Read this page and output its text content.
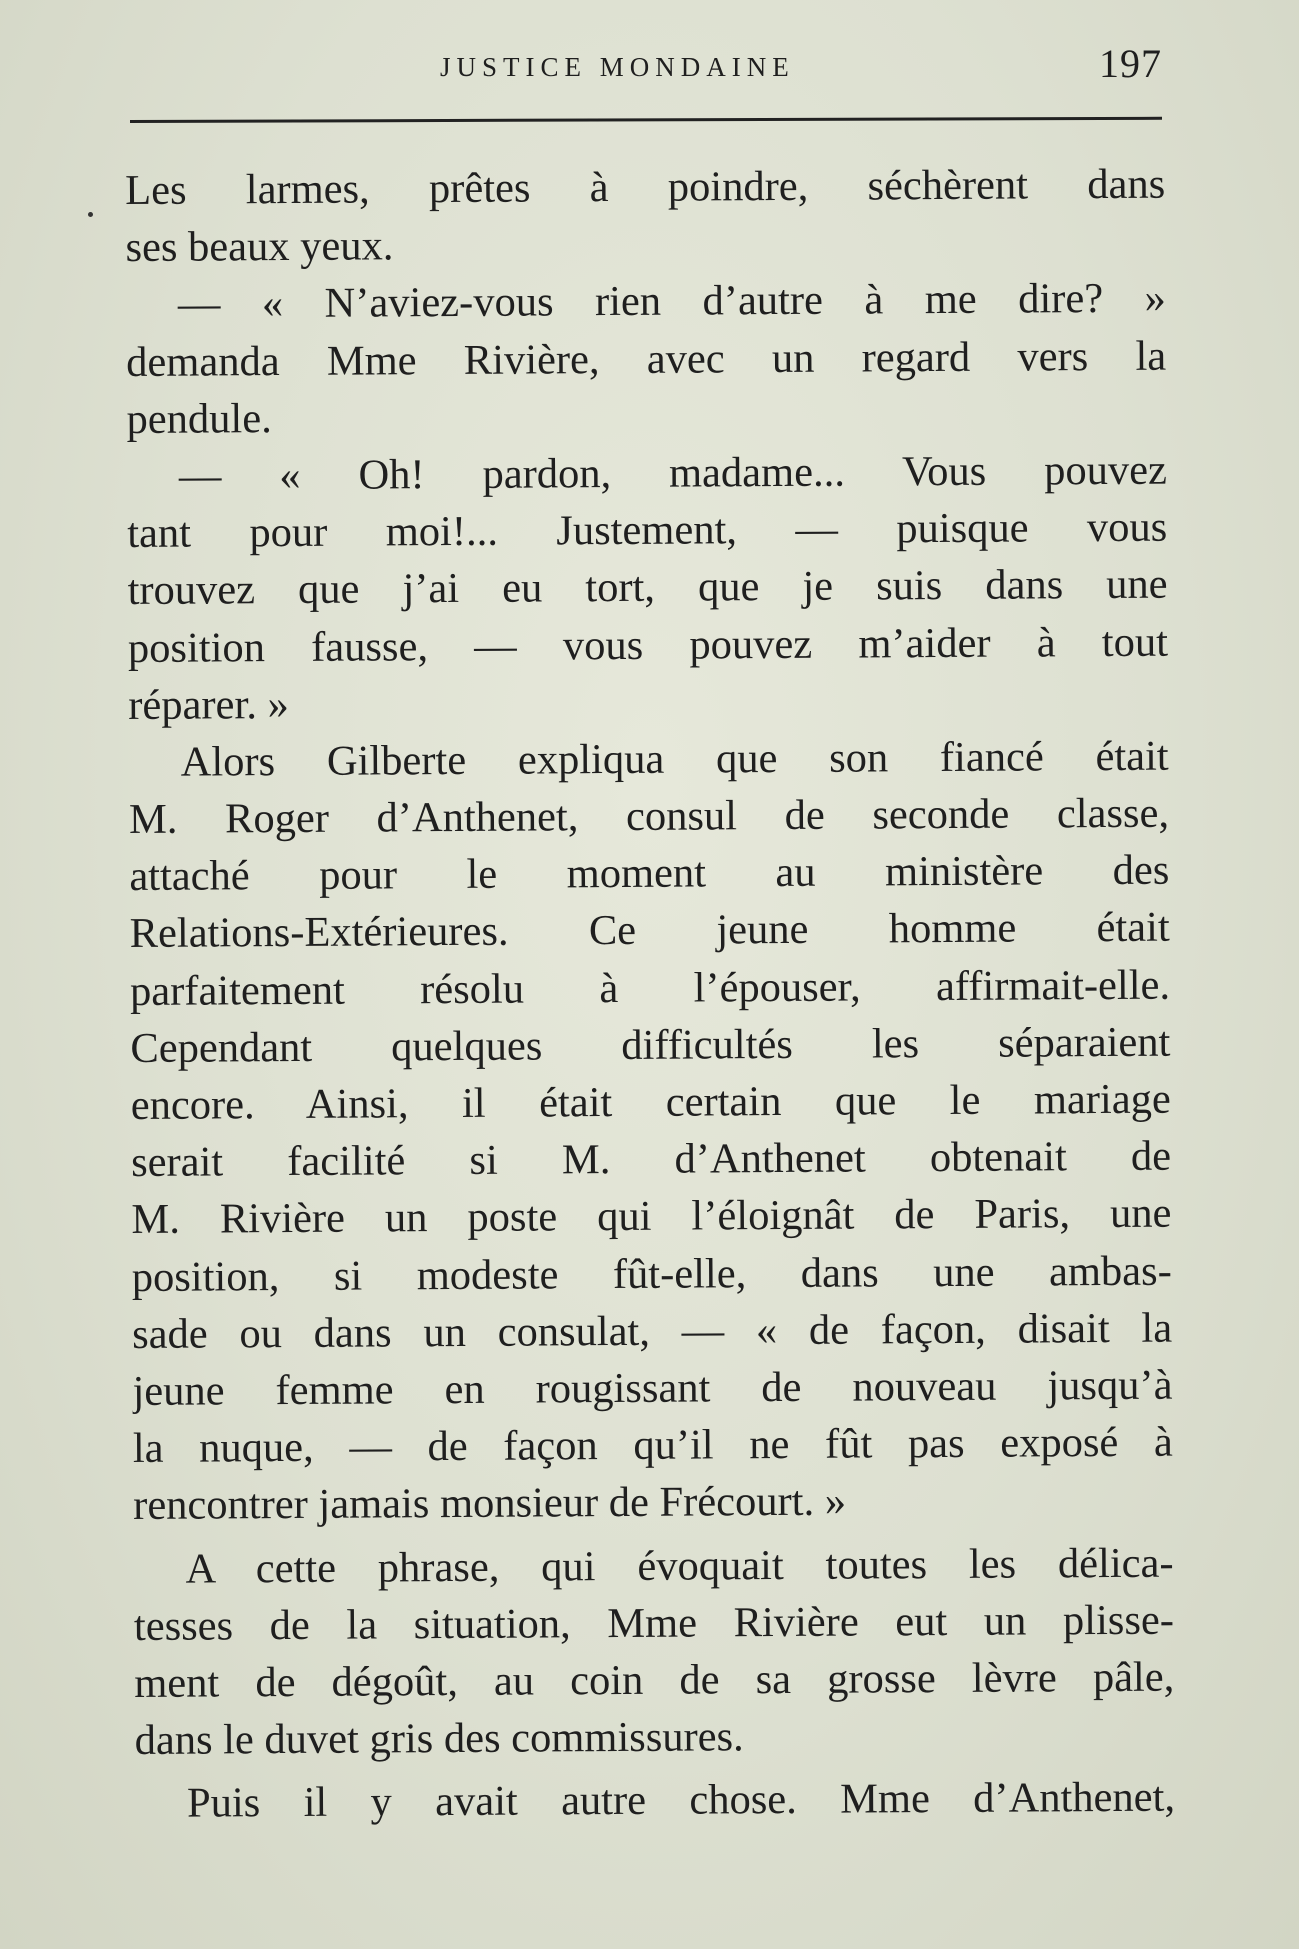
JUSTICE MONDAINE	197
Les larmes, prêtes à poindre, séchèrent dans
ses beaux yeux.
— « N’aviez-vous rien d’autre à me dire? »
demanda Mme Rivière, avec un regard vers la
pendule.
— « Oh! pardon, madame... Vous pouvez
tant pour moi!... Justement, — puisque vous
trouvez que j’ai eu tort, que je suis dans une
position fausse, — vous pouvez m’aider à tout
réparer. »
Alors Gilberte expliqua que son fiancé était
M. Roger d’Anthenet, consul de seconde classe,
attaché pour le moment au ministère des
Relations-Extérieures. Ce jeune homme était
parfaitement résolu à l’épouser, affirmait-elle.
Cependant quelques difficultés les séparaient
encore. Ainsi, il était certain que le mariage
serait facilité si M. d’Anthenet obtenait de
M. Rivière un poste qui l’éloignât de Paris, une
position, si modeste fût-elle, dans une ambas-
sade ou dans un consulat, — « de façon, disait la
jeune femme en rougissant de nouveau jusqu’à
la nuque, — de façon qu’il ne fût pas exposé à
rencontrer jamais monsieur de Frécourt. »
A cette phrase, qui évoquait toutes les délica-
tesses de la situation, Mme Rivière eut un plisse-
ment de dégoût, au coin de sa grosse lèvre pâle,
dans le duvet gris des commissures.
Puis il y avait autre chose. Mme d’Anthenet,
